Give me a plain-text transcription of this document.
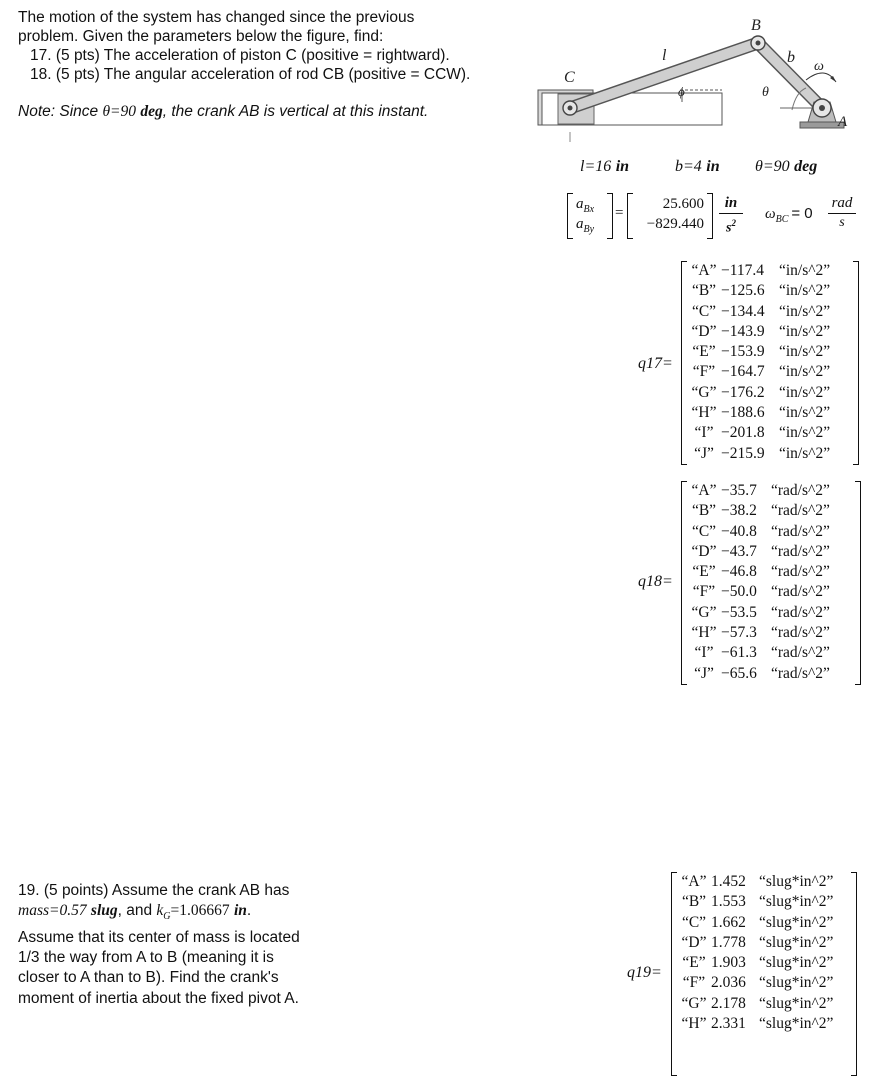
The motion of the system has changed since the previous
problem. Given the parameters below the figure, find:
17. (5 pts) The acceleration of piston C (positive = rightward).
18. (5 pts) The angular acceleration of rod CB (positive = CCW).
Note: Since θ=90 deg, the crank AB is vertical at this instant.
C
l
ϕ
B
b
ω
θ
A
l=16 in	b=4 in θ=90 deg
$a_{Bx}$
$a_{By}$
=
25.600
−829.440
in
$s^2$
$\omega_{BC} = 0$
rad
s
q17=
“A” −117.4 “in/s^2”
“B” −125.6 “in/s^2”
“C” −134.4 “in/s^2”
“D” −143.9 “in/s^2”
“E” −153.9 “in/s^2”
“F” −164.7 “in/s^2”
“G” −176.2 “in/s^2”
“H” −188.6 “in/s^2”
“I” −201.8 “in/s^2”
“J” −215.9 “in/s^2”
q18=
“A” −35.7 “rad/s^2”
“B” −38.2 “rad/s^2”
“C” −40.8 “rad/s^2”
“D” −43.7 “rad/s^2”
“E” −46.8 “rad/s^2”
“F” −50.0 “rad/s^2”
“G” −53.5 “rad/s^2”
“H” −57.3 “rad/s^2”
“I” −61.3 “rad/s^2”
“J” −65.6 “rad/s^2”
19. (5 points) Assume the crank AB has
mass=0.57 slug, and $k_G=1.06667$ in.
Assume that its center of mass is located
1/3 the way from A to B (meaning it is
closer to A than to B). Find the crank's
moment of inertia about the fixed pivot A.
q19=
“A” 1.452 “slug*in^2”
“B” 1.553 “slug*in^2”
“C” 1.662 “slug*in^2”
“D” 1.778 “slug*in^2”
“E” 1.903 “slug*in^2”
“F” 2.036 “slug*in^2”
“G” 2.178 “slug*in^2”
“H” 2.331 “slug*in^2”
